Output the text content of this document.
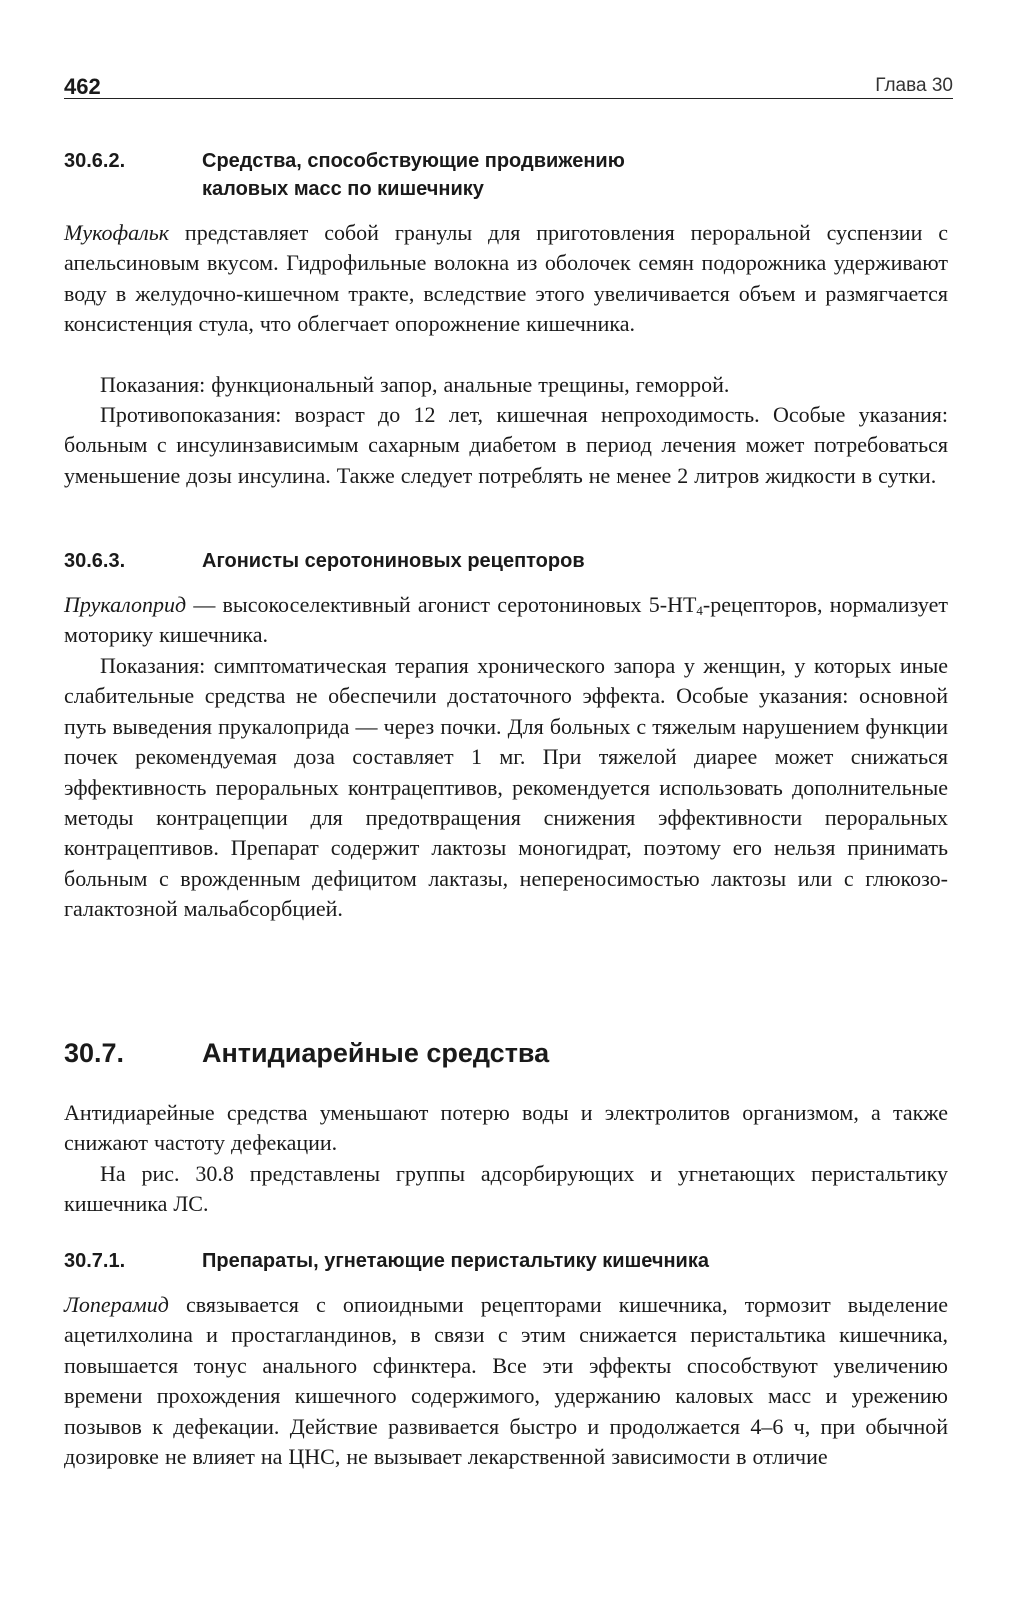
462	Глава 30
30.6.2.	Средства, способствующие продвижению
каловых масс по кишечнику

Мукофальк представляет собой гранулы для приготовления пероральной суспензии с апельсиновым вкусом. Гидрофильные волокна из оболочек семян подорожника удерживают воду в желудочно-кишечном тракте, вследствие этого увеличивается объем и размягчается консистенция стула, что облегчает опорожнение кишечника.

Показания: функциональный запор, анальные трещины, геморрой.

Противопоказания: возраст до 12 лет, кишечная непроходимость. Особые указания: больным с инсулинзависимым сахарным диабетом в период лечения может потребоваться уменьшение дозы инсулина. Также следует потреблять не менее 2 литров жидкости в сутки.

30.6.3.	Агонисты серотониновых рецепторов

Прукалоприд — высокоселективный агонист серотониновых $5-HT_4$-рецепторов, нормализует моторику кишечника.

Показания: симптоматическая терапия хронического запора у женщин, у которых иные слабительные средства не обеспечили достаточного эффекта. Особые указания: основной путь выведения прукалоприда — через почки. Для больных с тяжелым нарушением функции почек рекомендуемая доза составляет 1 мг. При тяжелой диарее может снижаться эффективность пероральных контрацептивов, рекомендуется использовать дополнительные методы контрацепции для предотвращения снижения эффективности пероральных контрацептивов. Препарат содержит лактозы моногидрат, поэтому его нельзя принимать больным с врожденным дефицитом лактазы, непереносимостью лактозы или с глюкозо-галактозной мальабсорбцией.

30.7.	Антидиарейные средства

Антидиарейные средства уменьшают потерю воды и электролитов организмом, а также снижают частоту дефекации.

На рис. 30.8 представлены группы адсорбирующих и угнетающих перистальтику кишечника ЛС.

30.7.1.	Препараты, угнетающие перистальтику кишечника

Лоперамид связывается с опиоидными рецепторами кишечника, тормозит выделение ацетилхолина и простагландинов, в связи с этим снижается перистальтика кишечника, повышается тонус анального сфинктера. Все эти эффекты способствуют увеличению времени прохождения кишечного содержимого, удержанию каловых масс и урежению позывов к дефекации. Действие развивается быстро и продолжается 4–6 ч, при обычной дозировке не влияет на ЦНС, не вызывает лекарственной зависимости в отличие
